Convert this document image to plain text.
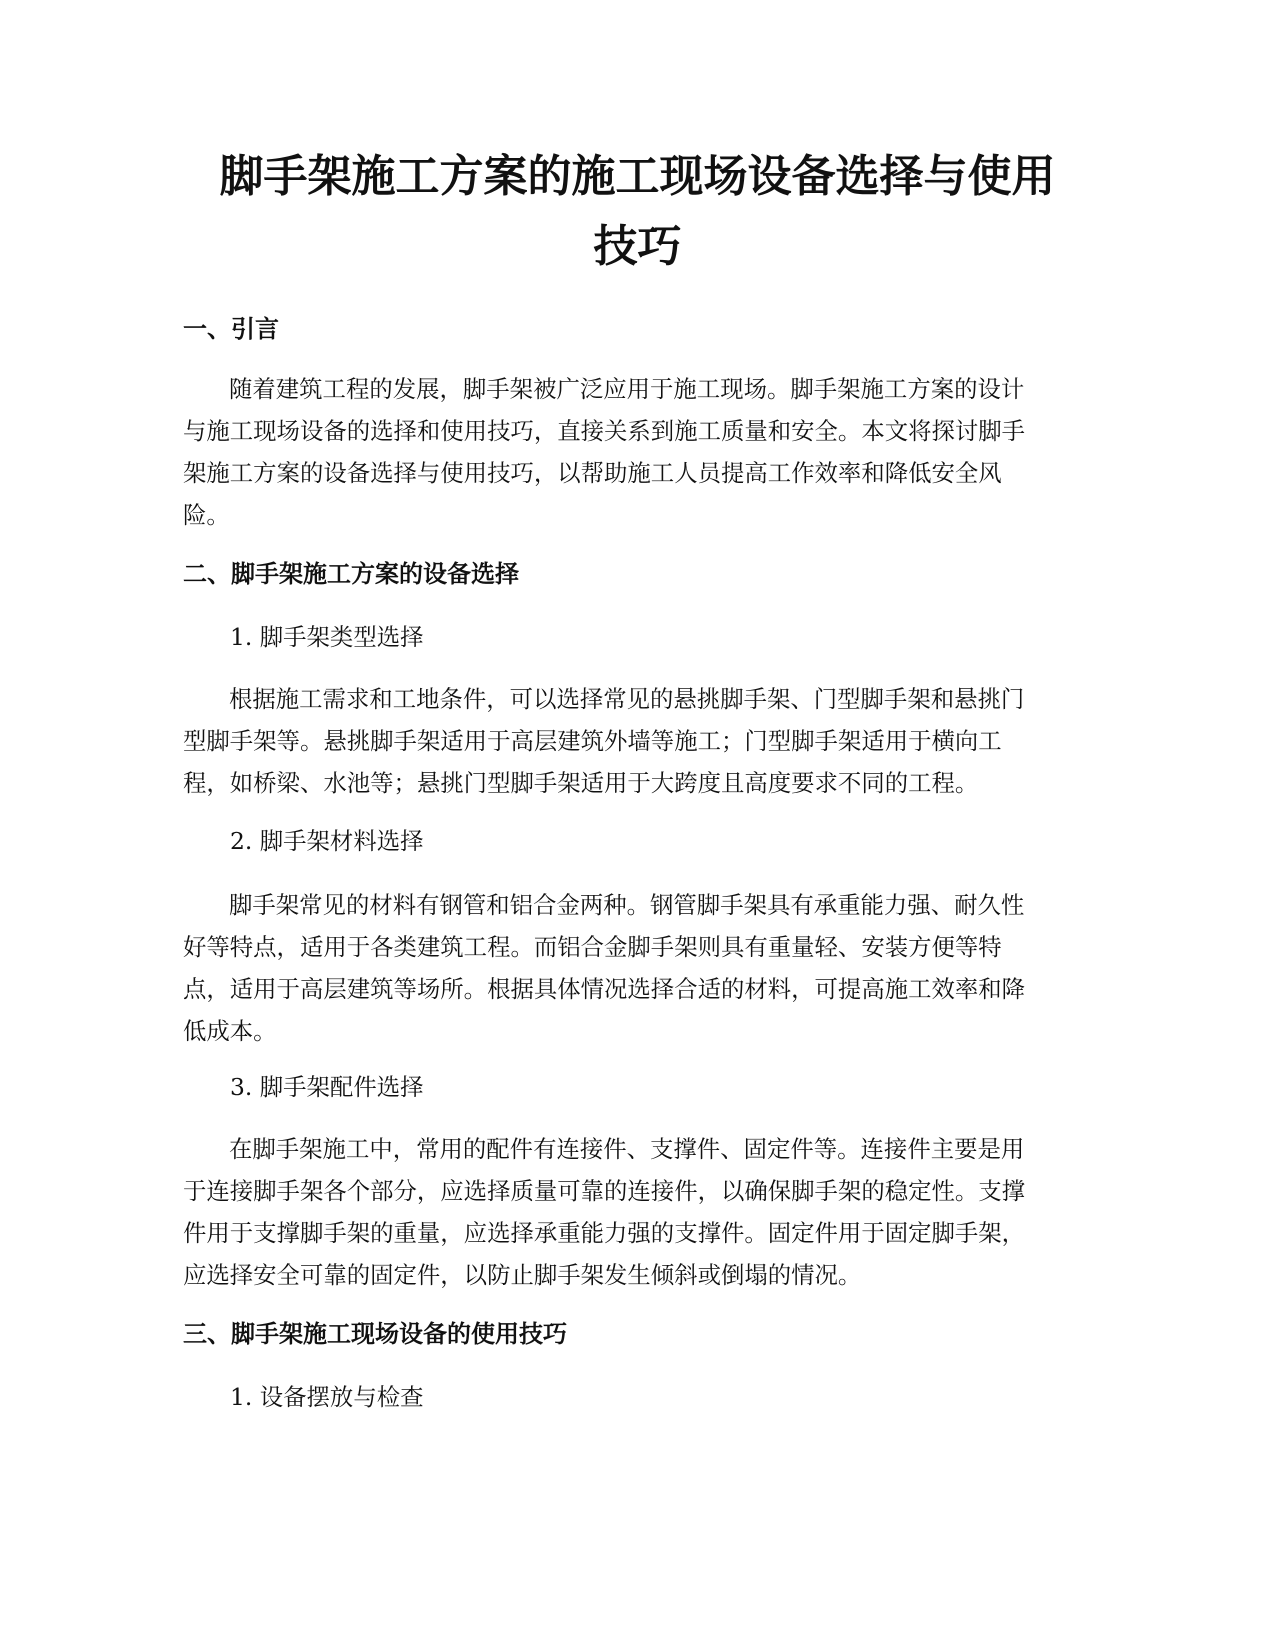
脚手架施工方案的施工现场设备选择与使用
技巧
一、引言
随着建筑工程的发展，脚手架被广泛应用于施工现场。脚手架施工方案的设计
与施工现场设备的选择和使用技巧，直接关系到施工质量和安全。本文将探讨脚手
架施工方案的设备选择与使用技巧，以帮助施工人员提高工作效率和降低安全风
险。
二、脚手架施工方案的设备选择

1. 脚手架类型选择

根据施工需求和工地条件，可以选择常见的悬挑脚手架、门型脚手架和悬挑门
型脚手架等。悬挑脚手架适用于高层建筑外墙等施工；门型脚手架适用于横向工
程，如桥梁、水池等；悬挑门型脚手架适用于大跨度且高度要求不同的工程。

2. 脚手架材料选择

脚手架常见的材料有钢管和铝合金两种。钢管脚手架具有承重能力强、耐久性
好等特点，适用于各类建筑工程。而铝合金脚手架则具有重量轻、安装方便等特
点，适用于高层建筑等场所。根据具体情况选择合适的材料，可提高施工效率和降
低成本。

3. 脚手架配件选择

在脚手架施工中，常用的配件有连接件、支撑件、固定件等。连接件主要是用
于连接脚手架各个部分，应选择质量可靠的连接件，以确保脚手架的稳定性。支撑
件用于支撑脚手架的重量，应选择承重能力强的支撑件。固定件用于固定脚手架，
应选择安全可靠的固定件，以防止脚手架发生倾斜或倒塌的情况。
三、脚手架施工现场设备的使用技巧

1. 设备摆放与检查
